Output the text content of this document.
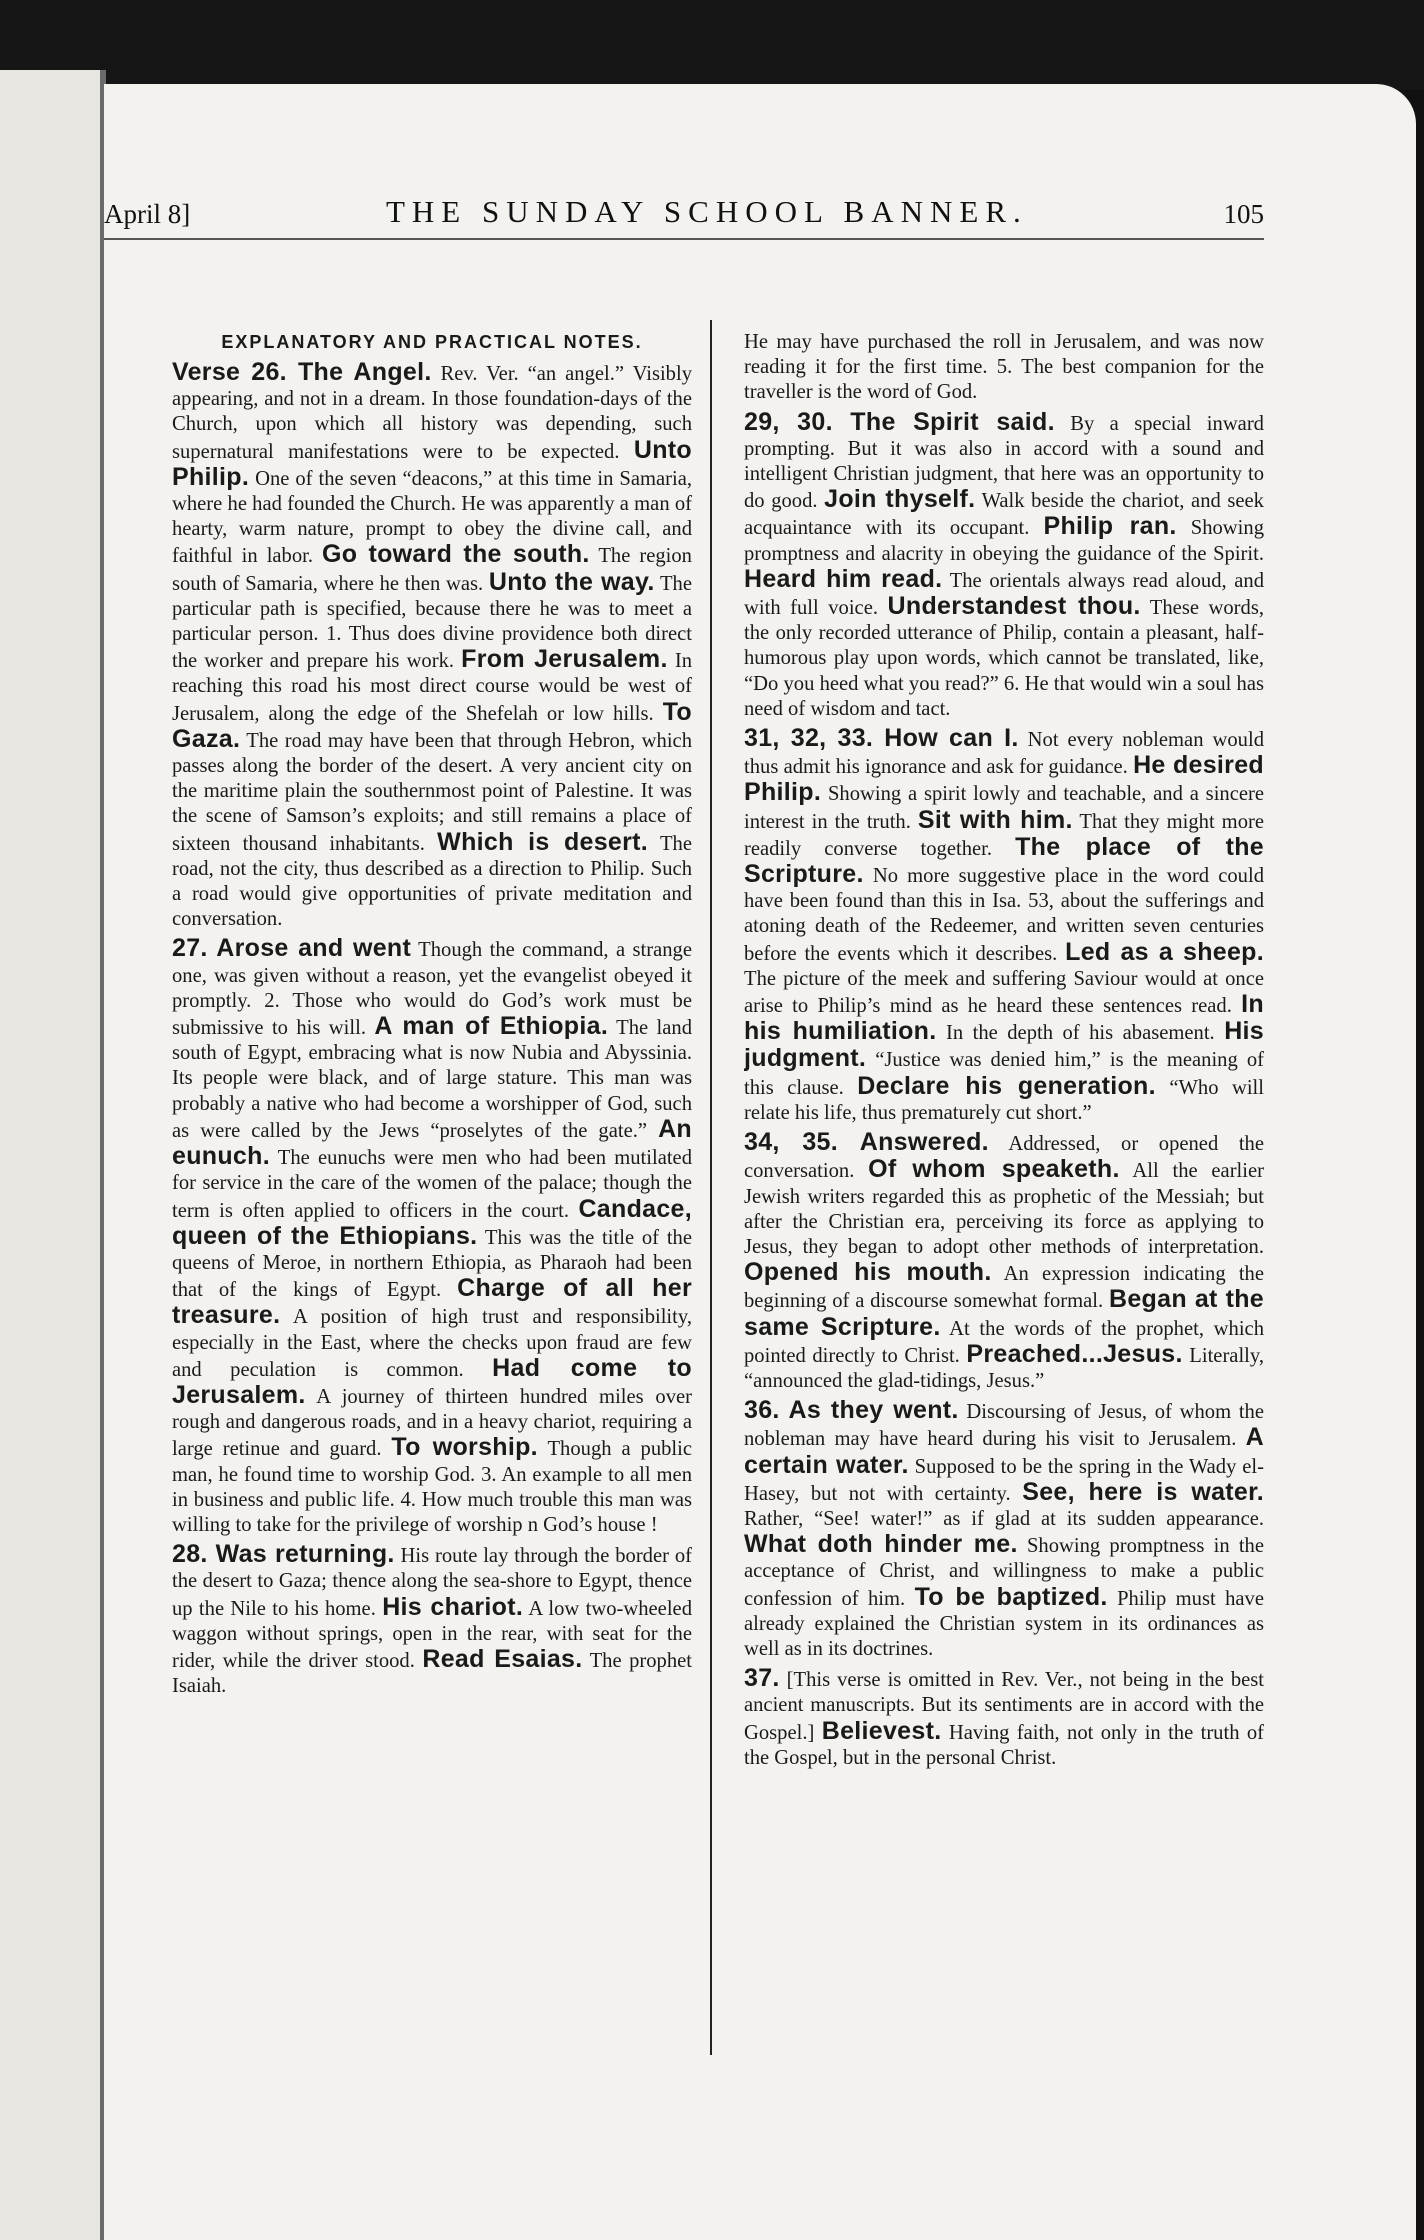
April 8]	THE SUNDAY SCHOOL BANNER.	105
EXPLANATORY AND PRACTICAL NOTES.

Verse 26. The Angel. Rev. Ver. “an angel.” Visibly appearing, and not in a dream. In those foundation-days of the Church, upon which all history was depending, such supernatural manifestations were to be expected. Unto Philip. One of the seven “deacons,” at this time in Samaria, where he had founded the Church. He was apparently a man of hearty, warm nature, prompt to obey the divine call, and faithful in labor. Go toward the south. The region south of Samaria, where he then was. Unto the way. The particular path is specified, because there he was to meet a particular person. 1. Thus does divine providence both direct the worker and prepare his work. From Jerusalem. In reaching this road his most direct course would be west of Jerusalem, along the edge of the Shefelah or low hills. To Gaza. The road may have been that through Hebron, which passes along the border of the desert. A very ancient city on the maritime plain the southernmost point of Palestine. It was the scene of Samson’s exploits; and still remains a place of sixteen thousand inhabitants. Which is desert. The road, not the city, thus described as a direction to Philip. Such a road would give opportunities of private meditation and conversation.

27. Arose and went Though the command, a strange one, was given without a reason, yet the evangelist obeyed it promptly. 2. Those who would do God’s work must be submissive to his will. A man of Ethiopia. The land south of Egypt, embracing what is now Nubia and Abyssinia. Its people were black, and of large stature. This man was probably a native who had become a worshipper of God, such as were called by the Jews “proselytes of the gate.” An eunuch. The eunuchs were men who had been mutilated for service in the care of the women of the palace; though the term is often applied to officers in the court. Candace, queen of the Ethiopians. This was the title of the queens of Meroe, in northern Ethiopia, as Pharaoh had been that of the kings of Egypt. Charge of all her treasure. A position of high trust and responsibility, especially in the East, where the checks upon fraud are few and peculation is common. Had come to Jerusalem. A journey of thirteen hundred miles over rough and dangerous roads, and in a heavy chariot, requiring a large retinue and guard. To worship. Though a public man, he found time to worship God. 3. An example to all men in business and public life. 4. How much trouble this man was willing to take for the privilege of worship n God’s house !

28. Was returning. His route lay through the border of the desert to Gaza; thence along the sea-shore to Egypt, thence up the Nile to his home. His chariot. A low two-wheeled waggon without springs, open in the rear, with seat for the rider, while the driver stood. Read Esaias. The prophet Isaiah.

He may have purchased the roll in Jerusalem, and was now reading it for the first time. 5. The best companion for the traveller is the word of God.

29, 30. The Spirit said. By a special inward prompting. But it was also in accord with a sound and intelligent Christian judgment, that here was an opportunity to do good. Join thyself. Walk beside the chariot, and seek acquaintance with its occupant. Philip ran. Showing promptness and alacrity in obeying the guidance of the Spirit. Heard him read. The orientals always read aloud, and with full voice. Understandest thou. These words, the only recorded utterance of Philip, contain a pleasant, half-humorous play upon words, which cannot be translated, like, “Do you heed what you read?” 6. He that would win a soul has need of wisdom and tact.

31, 32, 33. How can I. Not every nobleman would thus admit his ignorance and ask for guidance. He desired Philip. Showing a spirit lowly and teachable, and a sincere interest in the truth. Sit with him. That they might more readily converse together. The place of the Scripture. No more suggestive place in the word could have been found than this in Isa. 53, about the sufferings and atoning death of the Redeemer, and written seven centuries before the events which it describes. Led as a sheep. The picture of the meek and suffering Saviour would at once arise to Philip’s mind as he heard these sentences read. In his humiliation. In the depth of his abasement. His judgment. “Justice was denied him,” is the meaning of this clause. Declare his generation. “Who will relate his life, thus prematurely cut short.”

34, 35. Answered. Addressed, or opened the conversation. Of whom speaketh. All the earlier Jewish writers regarded this as prophetic of the Messiah; but after the Christian era, perceiving its force as applying to Jesus, they began to adopt other methods of interpretation. Opened his mouth. An expression indicating the beginning of a discourse somewhat formal. Began at the same Scripture. At the words of the prophet, which pointed directly to Christ. Preached...Jesus. Literally, “announced the glad-tidings, Jesus.”

36. As they went. Discoursing of Jesus, of whom the nobleman may have heard during his visit to Jerusalem. A certain water. Supposed to be the spring in the Wady el-Hasey, but not with certainty. See, here is water. Rather, “See! water!” as if glad at its sudden appearance. What doth hinder me. Showing promptness in the acceptance of Christ, and willingness to make a public confession of him. To be baptized. Philip must have already explained the Christian system in its ordinances as well as in its doctrines.

37. [This verse is omitted in Rev. Ver., not being in the best ancient manuscripts. But its sentiments are in accord with the Gospel.] Believest. Having faith, not only in the truth of the Gospel, but in the personal Christ.
